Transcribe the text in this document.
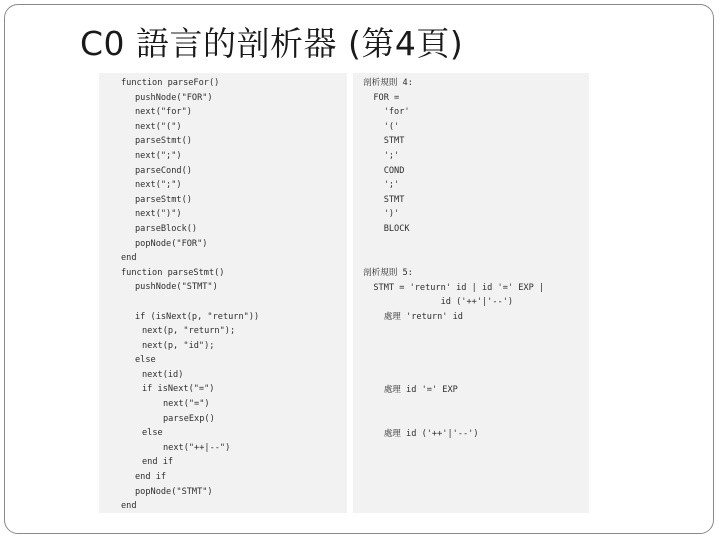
C0 語言的剖析器 (第4頁)
function parseFor()
pushNode("FOR")
next("for")
next("(")
parseStmt()
next(";")
parseCond()
next(";")
parseStmt()
next(")")
parseBlock()
popNode("FOR")
end
function parseStmt()
pushNode("STMT")
if (isNext(p, "return"))
next(p, "return");
next(p, "id");
else
next(id)
if isNext("=")
next("=")
parseExp()
else
next("++|--")
end if
end if
popNode("STMT")
end
剖析規則 4:
FOR =
'for'
'('
STMT
';'
COND
';'
STMT
')'
BLOCK
剖析規則 5:
STMT = 'return' id | id '=' EXP |
id ('++'|'--')
處理 'return' id
處理 id '=' EXP
處理 id ('++'|'--')
